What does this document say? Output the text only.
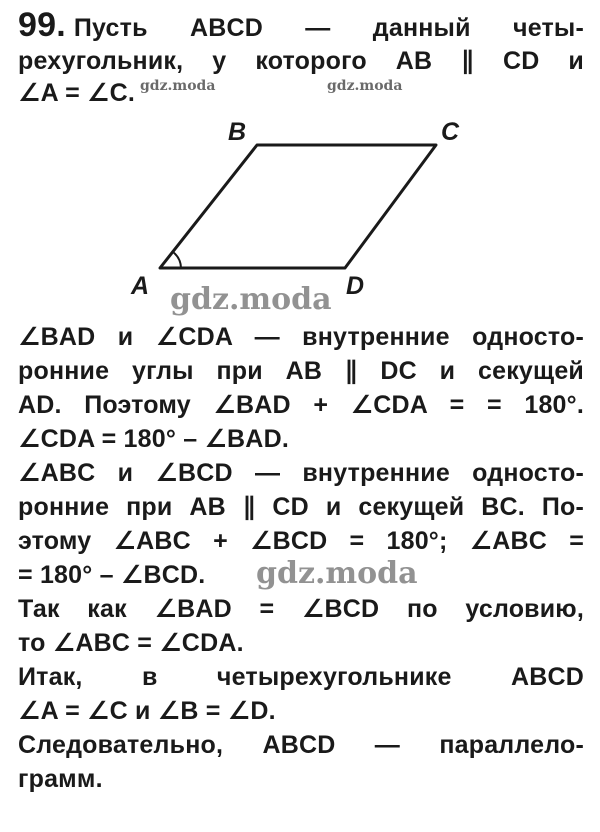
99. Пусть ABCD — данный четы-
рехугольник, у которого AB ∥ CD и
∠A = ∠C. gdz.moda	gdz.moda
B	C
A	D
gdz.moda
∠BAD и ∠CDA — внутренние односто-
ронние углы при AB ∥ DC и секущей
AD. Поэтому ∠BAD + ∠CDA = = 180°.
∠CDA = 180° – ∠BAD.
∠ABC и ∠BCD — внутренние односто-
ронние при AB ∥ CD и секущей BC. По-
этому ∠ABC + ∠BCD = 180°; ∠ABC =
= 180° – ∠BCD.	gdz.moda
Так как ∠BAD = ∠BCD по условию,
то ∠ABC = ∠CDA.
Итак, в четырехугольнике ABCD
∠A = ∠C и ∠B = ∠D.
Следовательно, ABCD — параллело-
грамм.
